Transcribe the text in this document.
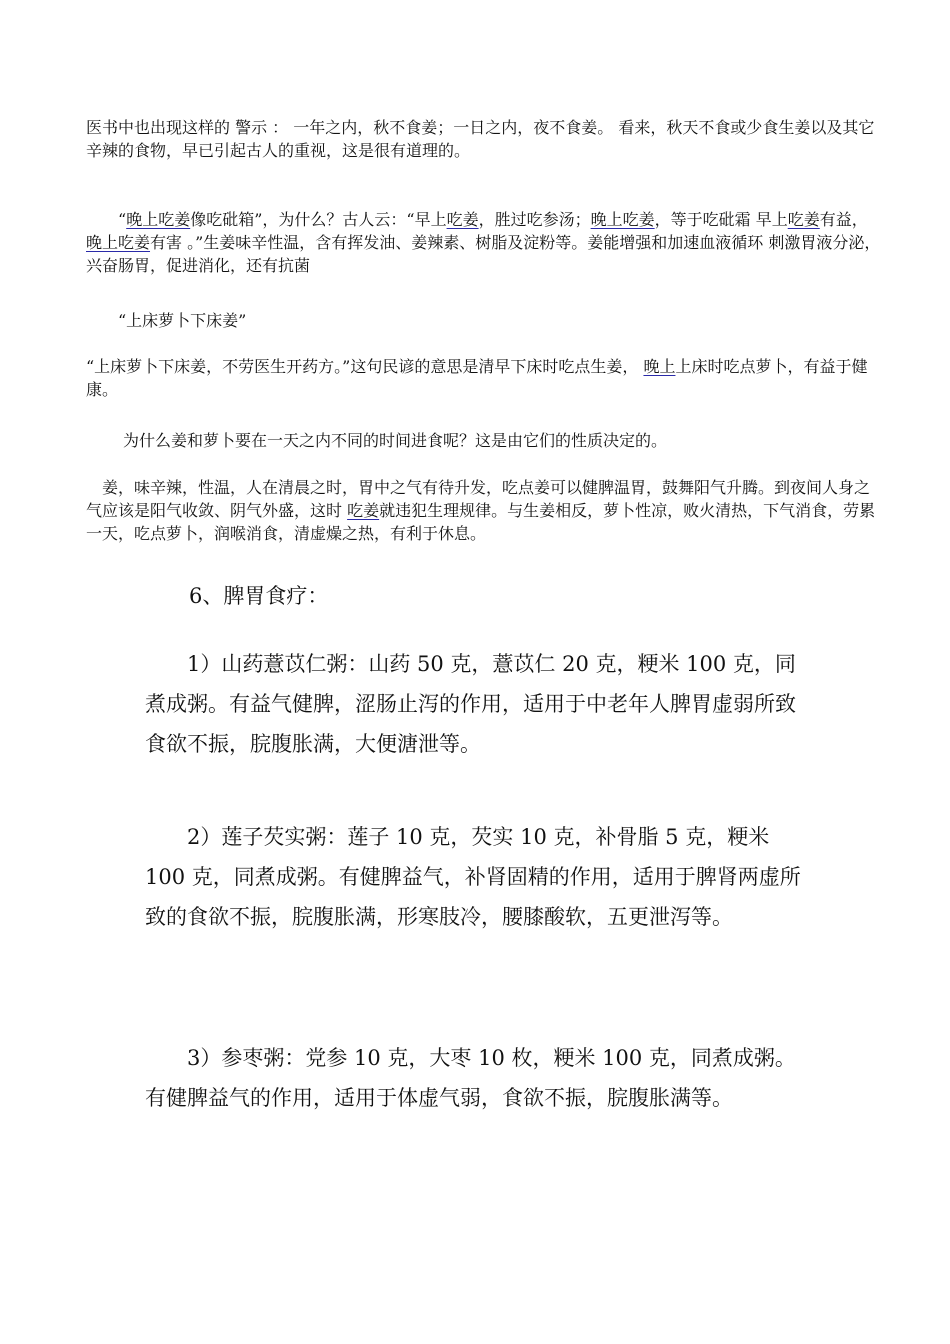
医书中也出现这样的 警示 ： 一年之内，秋不食姜；一日之内，夜不食姜。 看来，秋天不食或少食生姜以及其它辛辣的食物，早已引起古人的重视，这是很有道理的。

“晚上吃姜像吃砒箱”，为什么？古人云：“早上吃姜，胜过吃参汤；晚上吃姜，等于吃砒霜 早上吃姜有益，晚上吃姜有害 。”生姜味辛性温，含有挥发油、姜辣素、树脂及淀粉等。姜能增强和加速血液循环 刺激胃液分泌，兴奋肠胃，促进消化，还有抗菌

“上床萝卜下床姜”

“上床萝卜下床姜，不劳医生开药方。”这句民谚的意思是清早下床时吃点生姜， 晚上上床时吃点萝卜，有益于健康。

为什么姜和萝卜要在一天之内不同的时间进食呢？这是由它们的性质决定的。

姜，味辛辣，性温，人在清晨之时，胃中之气有待升发，吃点姜可以健脾温胃，鼓舞阳气升腾。到夜间人身之气应该是阳气收敛、阴气外盛，这时 吃姜就违犯生理规律。与生姜相反，萝卜性凉，败火清热，下气消食，劳累一天，吃点萝卜，润喉消食，清虚燥之热，有利于休息。

6、脾胃食疗：

1）山药薏苡仁粥：山药 50 克，薏苡仁 20 克，粳米 100 克，同煮成粥。有益气健脾，涩肠止泻的作用，适用于中老年人脾胃虚弱所致食欲不振，脘腹胀满，大便溏泄等。

2）莲子芡实粥：莲子 10 克，芡实 10 克，补骨脂 5 克，粳米 100 克，同煮成粥。有健脾益气，补肾固精的作用，适用于脾肾两虚所致的食欲不振，脘腹胀满，形寒肢冷，腰膝酸软，五更泄泻等。

3）参枣粥：党参 10 克，大枣 10 枚，粳米 100 克，同煮成粥。有健脾益气的作用，适用于体虚气弱，食欲不振，脘腹胀满等。
